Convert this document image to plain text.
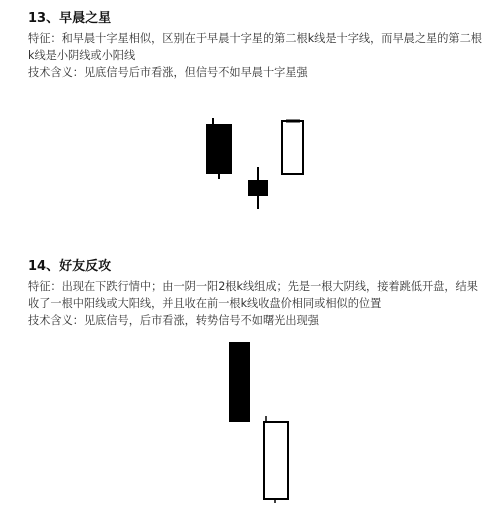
13、早晨之星

特征：和早晨十字星相似，区别在于早晨十字星的第二根k线是十字线，而早晨之星的第二根k线是小阴线或小阳线

技术含义：见底信号后市看涨，但信号不如早晨十字星强

14、好友反攻

特征：出现在下跌行情中；由一阴一阳2根k线组成；先是一根大阴线，接着跳低开盘，结果收了一根中阳线或大阳线，并且收在前一根k线收盘价相同或相似的位置

技术含义：见底信号，后市看涨，转势信号不如曙光出现强
